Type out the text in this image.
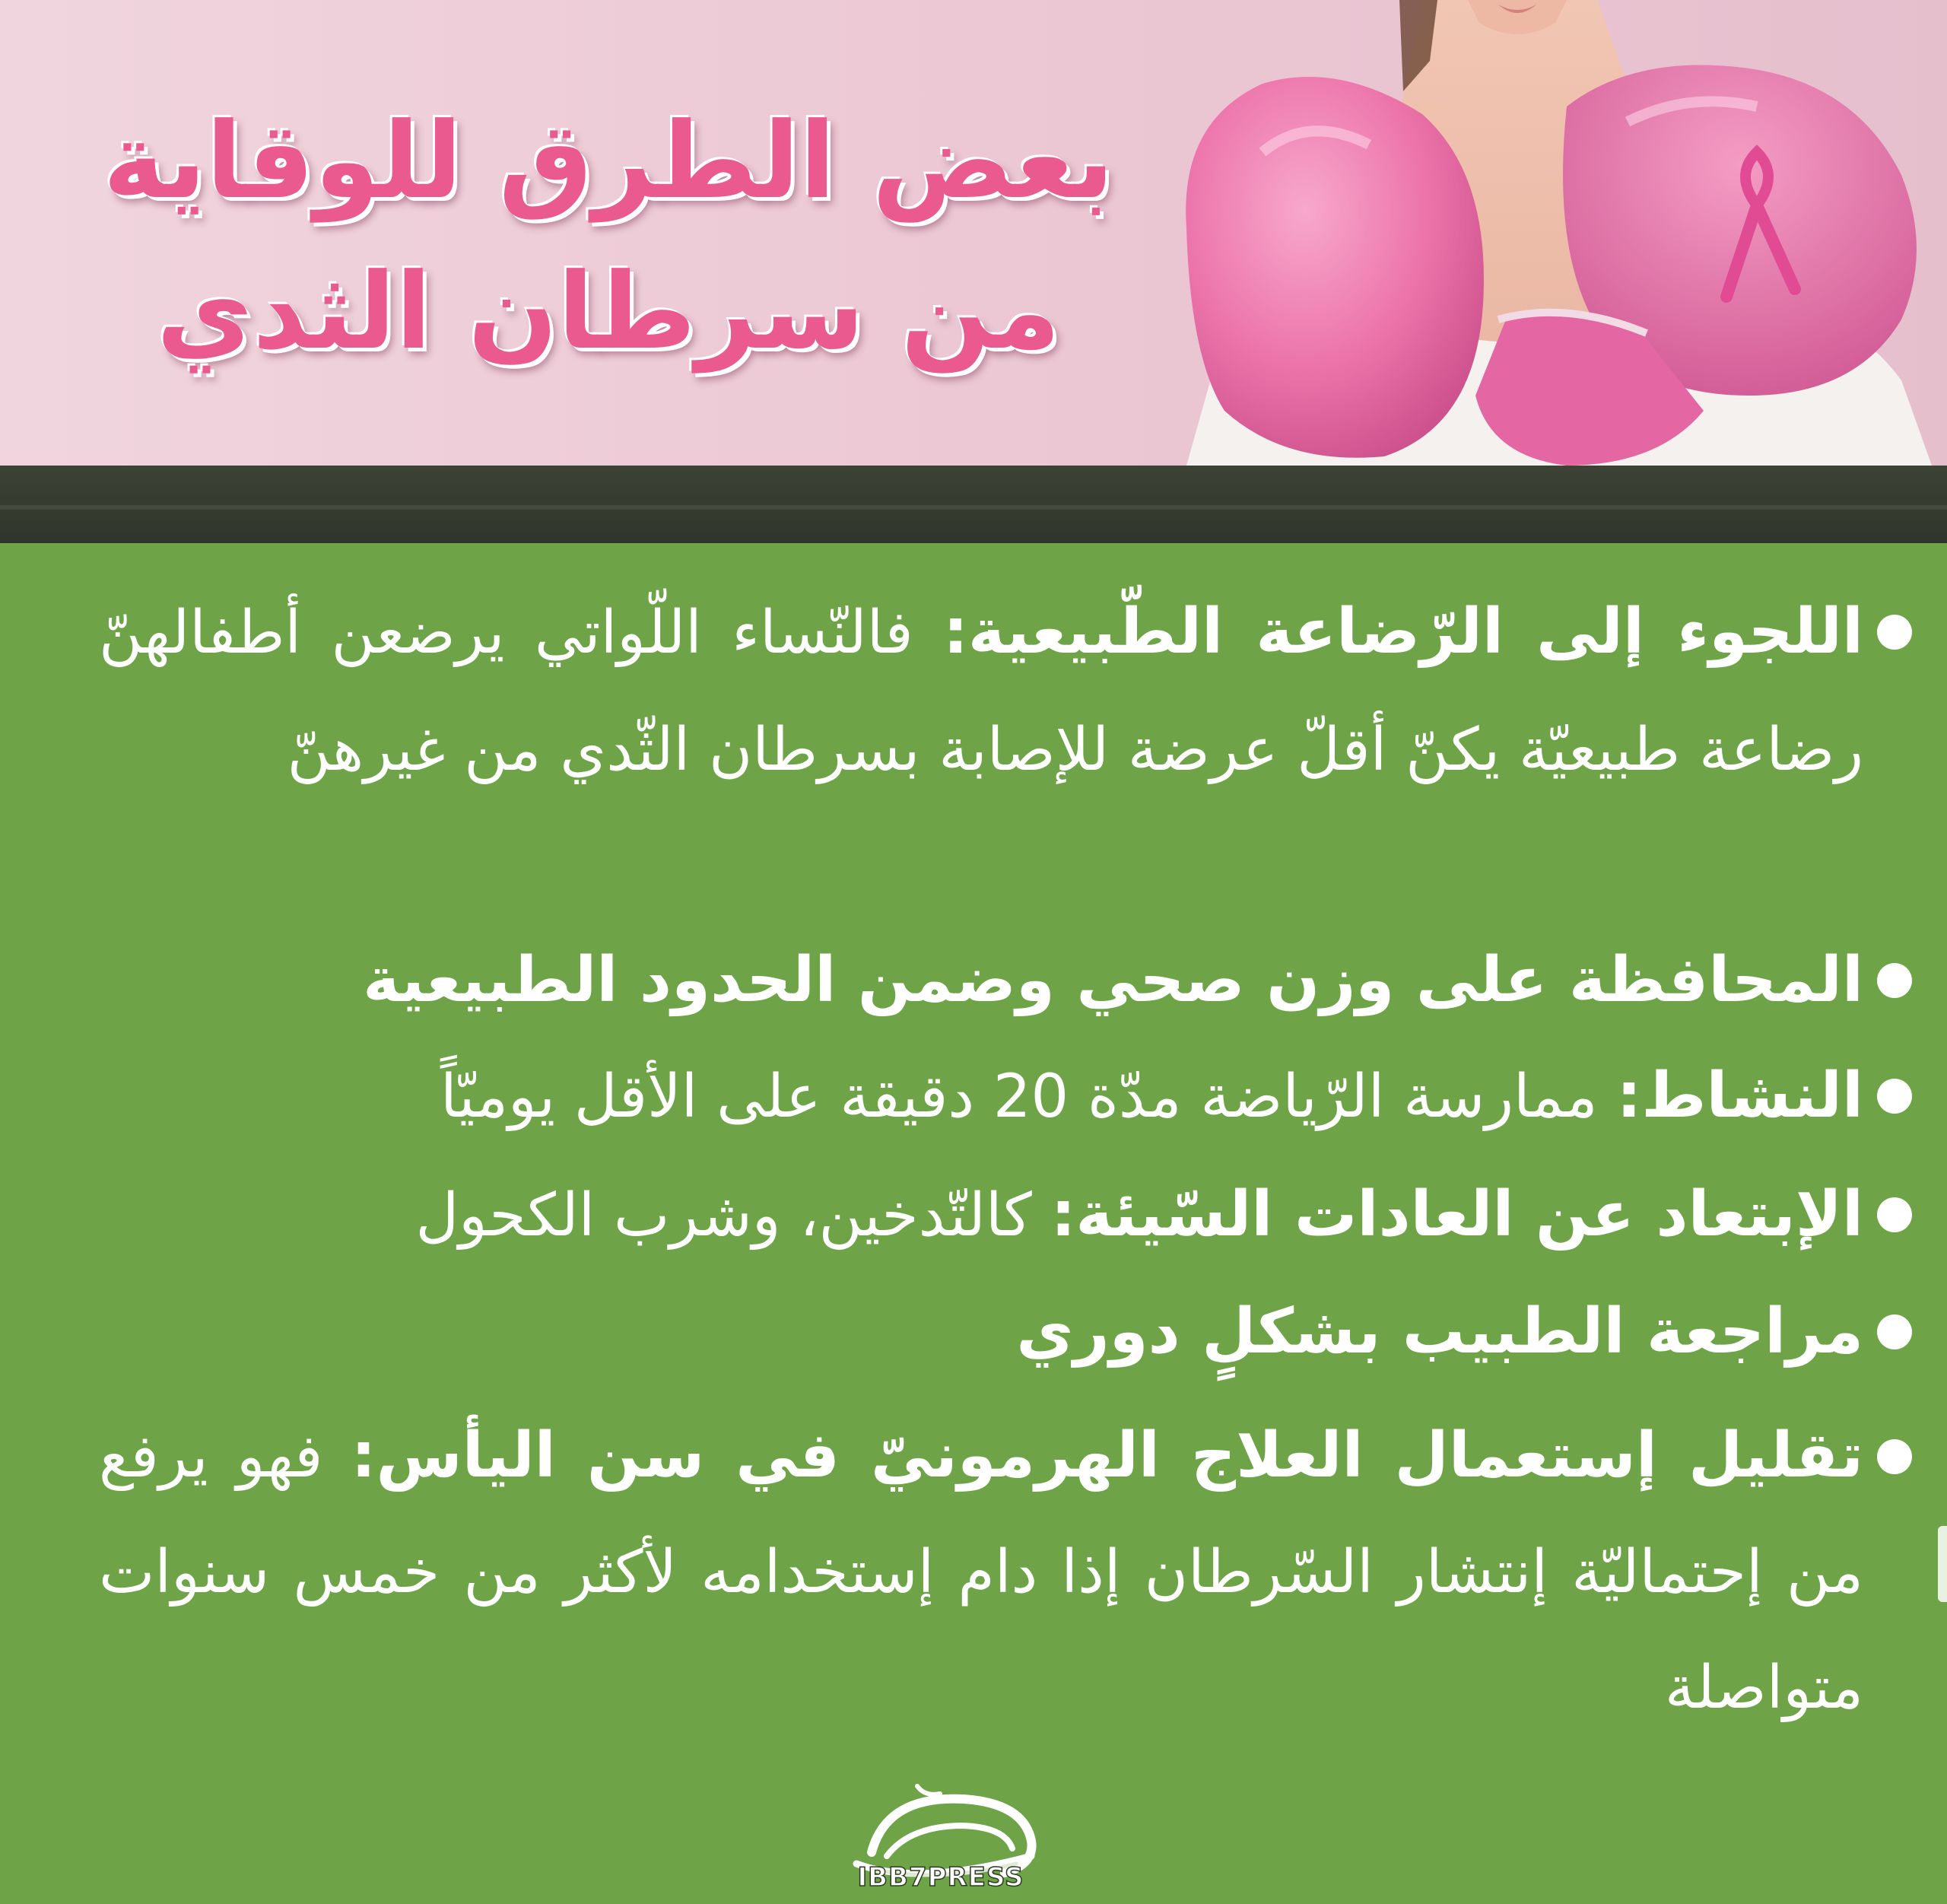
بعض الطرق للوقاية
من سرطان الثدي
اللجوء إلى الرّضاعة الطّبيعية: فالنّساء اللّواتي يرضعن أطفالهنّ رضاعة طبيعيّة يكنّ أقلّ عرضة للإصابة بسرطان الثّدي من غيرهنّ
المحافظة على وزن صحي وضمن الحدود الطبيعية
النشاط: ممارسة الرّياضة مدّة 20 دقيقة على الأقل يوميّاً
الإبتعاد عن العادات السّيئة: كالتّدخين، وشرب الكحول
مراجعة الطبيب بشكلٍ دوري
تقليل إستعمال العلاج الهرمونيّ في سن اليأس: فهو يرفع من إحتماليّة إنتشار السّرطان إذا دام إستخدامه لأكثر من خمس سنوات متواصلة
IBB7PRESS
